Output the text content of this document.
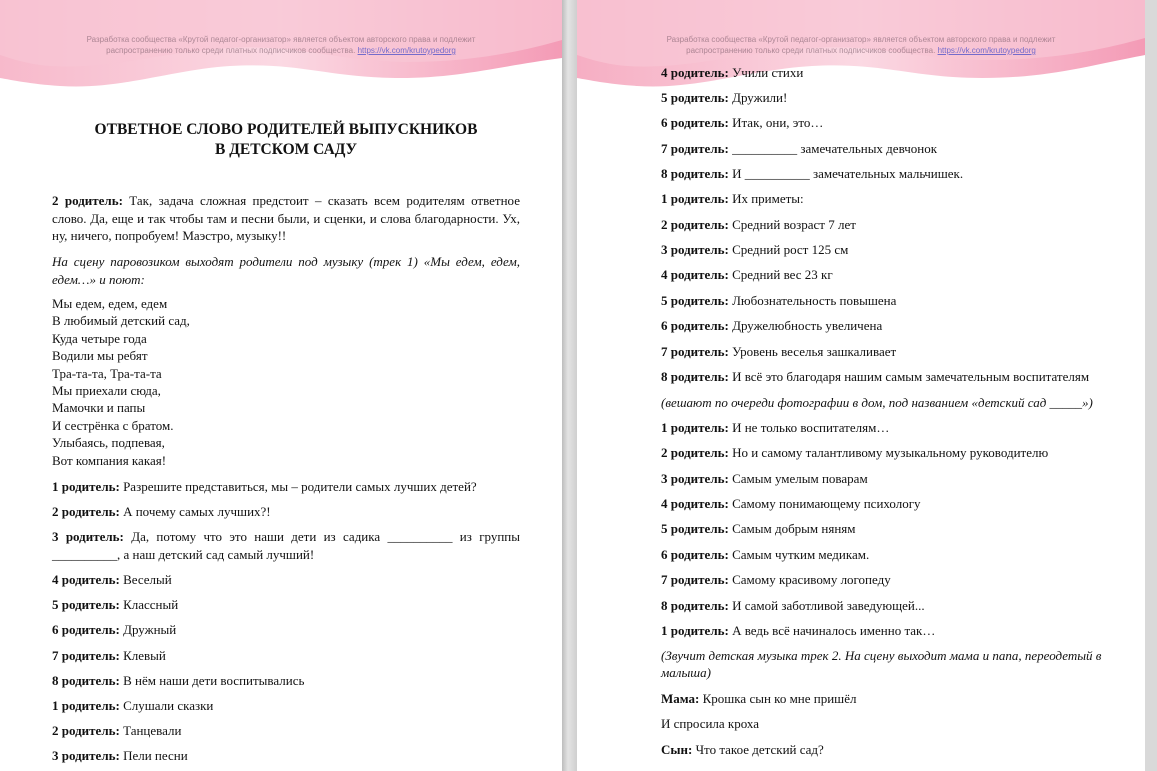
Разработка сообщества «Крутой педагог-организатор» является объектом авторского права и подлежит
распространению только среди платных подписчиков сообщества. https://vk.com/krutoypedorg
ОТВЕТНОЕ СЛОВО РОДИТЕЛЕЙ ВЫПУСКНИКОВ
В ДЕТСКОМ САДУ

2 родитель: Так, задача сложная предстоит – сказать всем родителям ответное слово. Да, еще и так чтобы там и песни были, и сценки, и слова благодарности. Ух, ну, ничего, попробуем! Маэстро, музыку!!

На сцену паровозиком выходят родители под музыку (трек 1) «Мы едем, едем, едем…» и поют:

Мы едем, едем, едем

В любимый детский сад,

Куда четыре года

Водили мы ребят

Тра-та-та, Тра-та-та

Мы приехали сюда,

Мамочки и папы

И сестрёнка с братом.

Улыбаясь, подпевая,

Вот компания какая!

1 родитель: Разрешите представиться, мы – родители самых лучших детей?
2 родитель: А почему самых лучших?!

3 родитель: Да, потому что это наши дети из садика __________ из группы

__________, а наш детский сад самый лучший!

4 родитель: Веселый
5 родитель: Классный
6 родитель: Дружный
7 родитель: Клевый
8 родитель: В нём наши дети воспитывались
1 родитель: Слушали сказки
2 родитель: Танцевали
3 родитель: Пели песни
Разработка сообщества «Крутой педагог-организатор» является объектом авторского права и подлежит
распространению только среди платных подписчиков сообщества. https://vk.com/krutoypedorg
4 родитель: Учили стихи
5 родитель: Дружили!
6 родитель: Итак, они, это…
7 родитель: __________ замечательных девчонок
8 родитель: И __________ замечательных мальчишек.
1 родитель: Их приметы:
2 родитель: Средний возраст 7 лет
3 родитель: Средний рост 125 см
4 родитель: Средний вес 23 кг
5 родитель: Любознательность повышена
6 родитель: Дружелюбность увеличена
7 родитель: Уровень веселья зашкаливает
8 родитель: И всё это благодаря нашим самым замечательным воспитателям
(вешают по очереди фотографии в дом, под названием «детский сад _____»)
1 родитель: И не только воспитателям…
2 родитель: Но и самому талантливому музыкальному руководителю
3 родитель: Самым умелым поварам
4 родитель: Самому понимающему психологу
5 родитель: Самым добрым няням
6 родитель: Самым чутким медикам.
7 родитель: Самому красивому логопеду
8 родитель: И самой заботливой заведующей...
1 родитель: А ведь всё начиналось именно так…
(Звучит детская музыка трек 2. На сцену выходит мама и папа, переодетый в малыша)
Мама: Крошка сын ко мне пришёл
И спросила кроха
Сын: Что такое детский сад?
